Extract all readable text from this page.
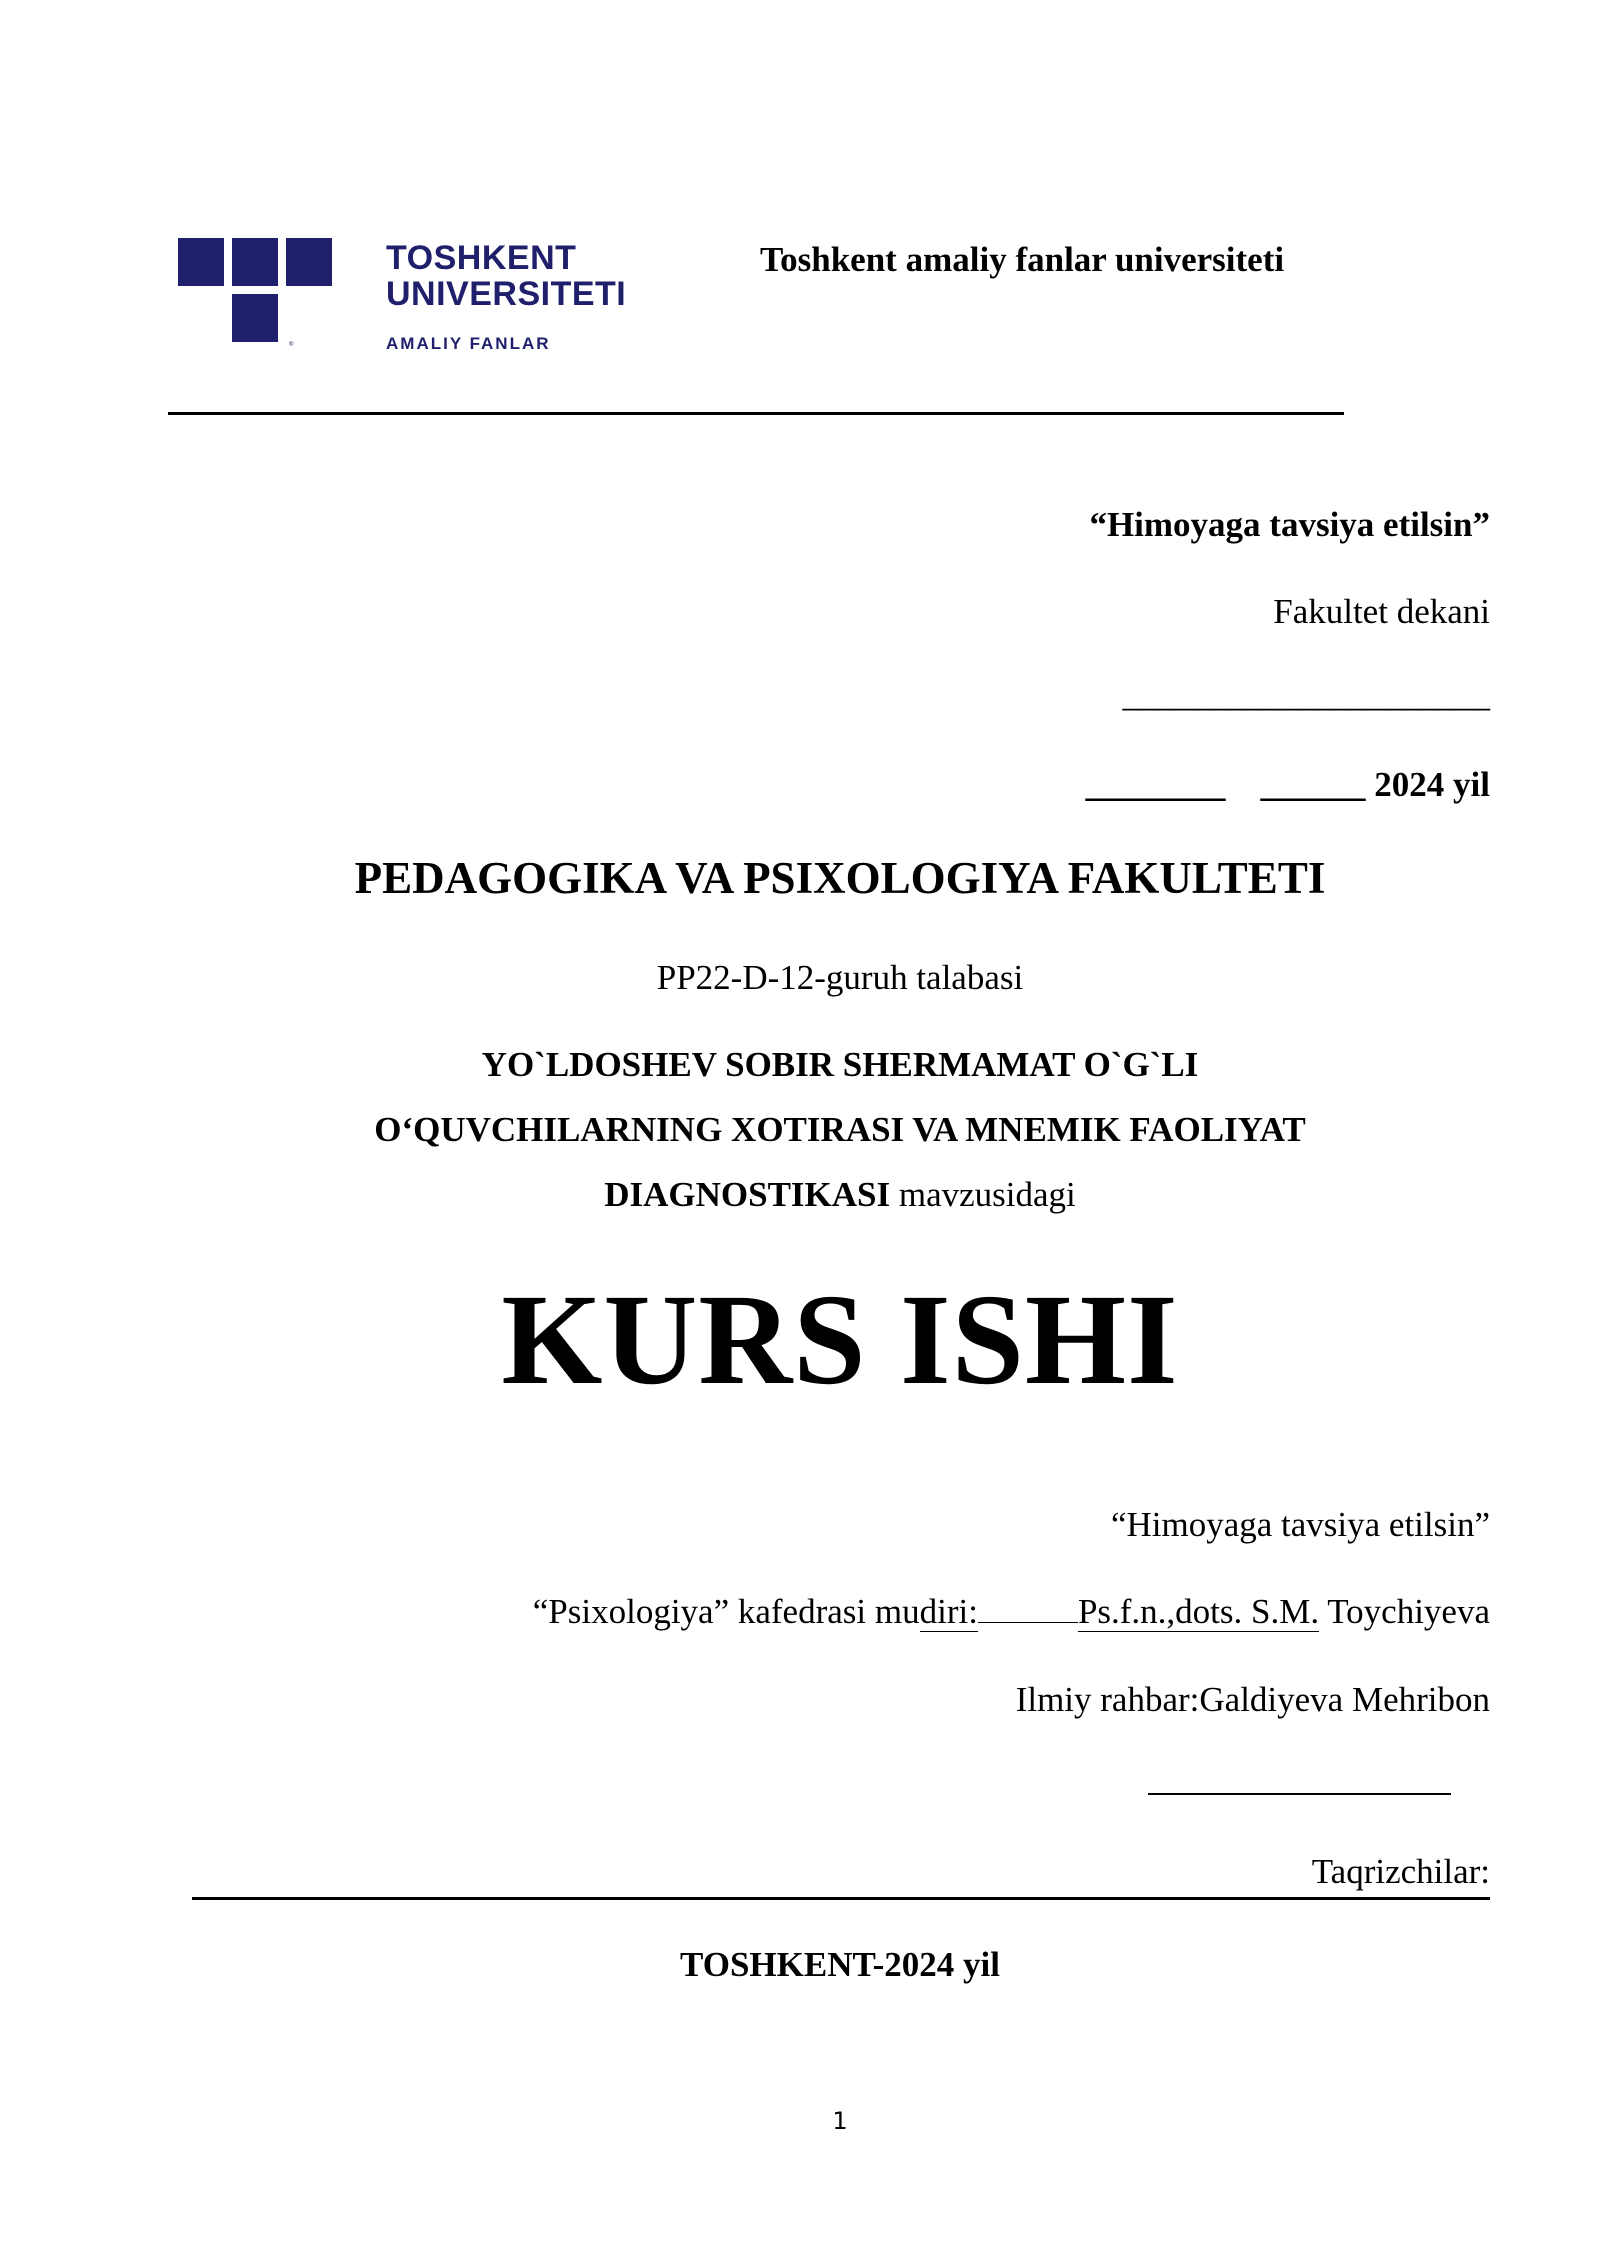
®
TOSHKENT
UNIVERSITETI
AMALIY FANLAR
Toshkent amaliy fanlar universiteti
“Himoyaga tavsiya etilsin”
Fakultet dekani
_____________________
________ ______ 2024 yil
PEDAGOGIKA VA PSIXOLOGIYA FAKULTETI
PP22-D-12-guruh talabasi
YO`LDOSHEV SOBIR SHERMAMAT O`G`LI
O‘QUVCHILARNING XOTIRASI VA MNEMIK FAOLIYAT
DIAGNOSTIKASI mavzusidagi
KURS ISHI
“Himoyaga tavsiya etilsin”
“Psixologiya” kafedrasi mudiri:	Ps.f.n.,dots. S.M. Toychiyeva
Ilmiy rahbar:Galdiyeva Mehribon
Taqrizchilar:
TOSHKENT-2024 yil
1
